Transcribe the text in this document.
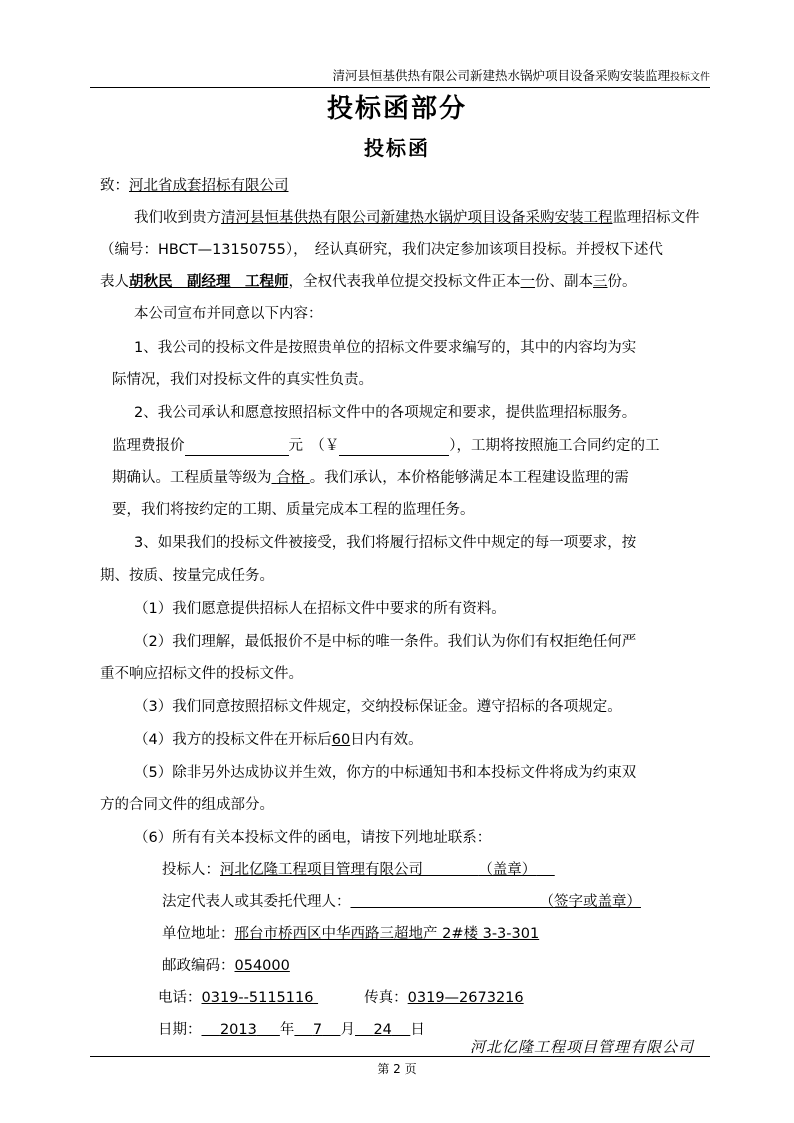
清河县恒基供热有限公司新建热水锅炉项目设备采购安装监理投标文件
投标函部分
投标函
致：河北省成套招标有限公司
我们收到贵方清河县恒基供热有限公司新建热水锅炉项目设备采购安装工程监理招标文件
（编号：HBCT—13150755），　经认真研究，我们决定参加该项目投标。并授权下述代
表人胡秋民　副经理　工程师，全权代表我单位提交投标文件正本一份、副本三份。
本公司宣布并同意以下内容：
1、我公司的投标文件是按照贵单位的招标文件要求编写的，其中的内容均为实
际情况，我们对投标文件的真实性负责。
2、我公司承认和愿意按照招标文件中的各项规定和要求，提供监理招标服务。
监理费报价	元　（￥	），工期将按照施工合同约定的工
期确认。工程质量等级为 合格 。我们承认，本价格能够满足本工程建设监理的需
要，我们将按约定的工期、质量完成本工程的监理任务。
3、如果我们的投标文件被接受，我们将履行招标文件中规定的每一项要求，按
期、按质、按量完成任务。
（1）我们愿意提供招标人在招标文件中要求的所有资料。
（2）我们理解，最低报价不是中标的唯一条件。我们认为你们有权拒绝任何严
重不响应招标文件的投标文件。
（3）我们同意按照招标文件规定，交纳投标保证金。遵守招标的各项规定。
（4）我方的投标文件在开标后60日内有效。
（5）除非另外达成协议并生效，你方的中标通知书和本投标文件将成为约束双
方的合同文件的组成部分。
（6）所有有关本投标文件的函电，请按下列地址联系：
投标人：河北亿隆工程项目管理有限公司	（盖章）
法定代表人或其委托代理人：	（签字或盖章）
单位地址：邢台市桥西区中华西路三超地产 2#楼 3-3-301
邮政编码：054000
电话：0319--5115116	传真：0319—2673216
日期： 2013 年 7 月 24 日
河北亿隆工程项目管理有限公司
第 2 页
